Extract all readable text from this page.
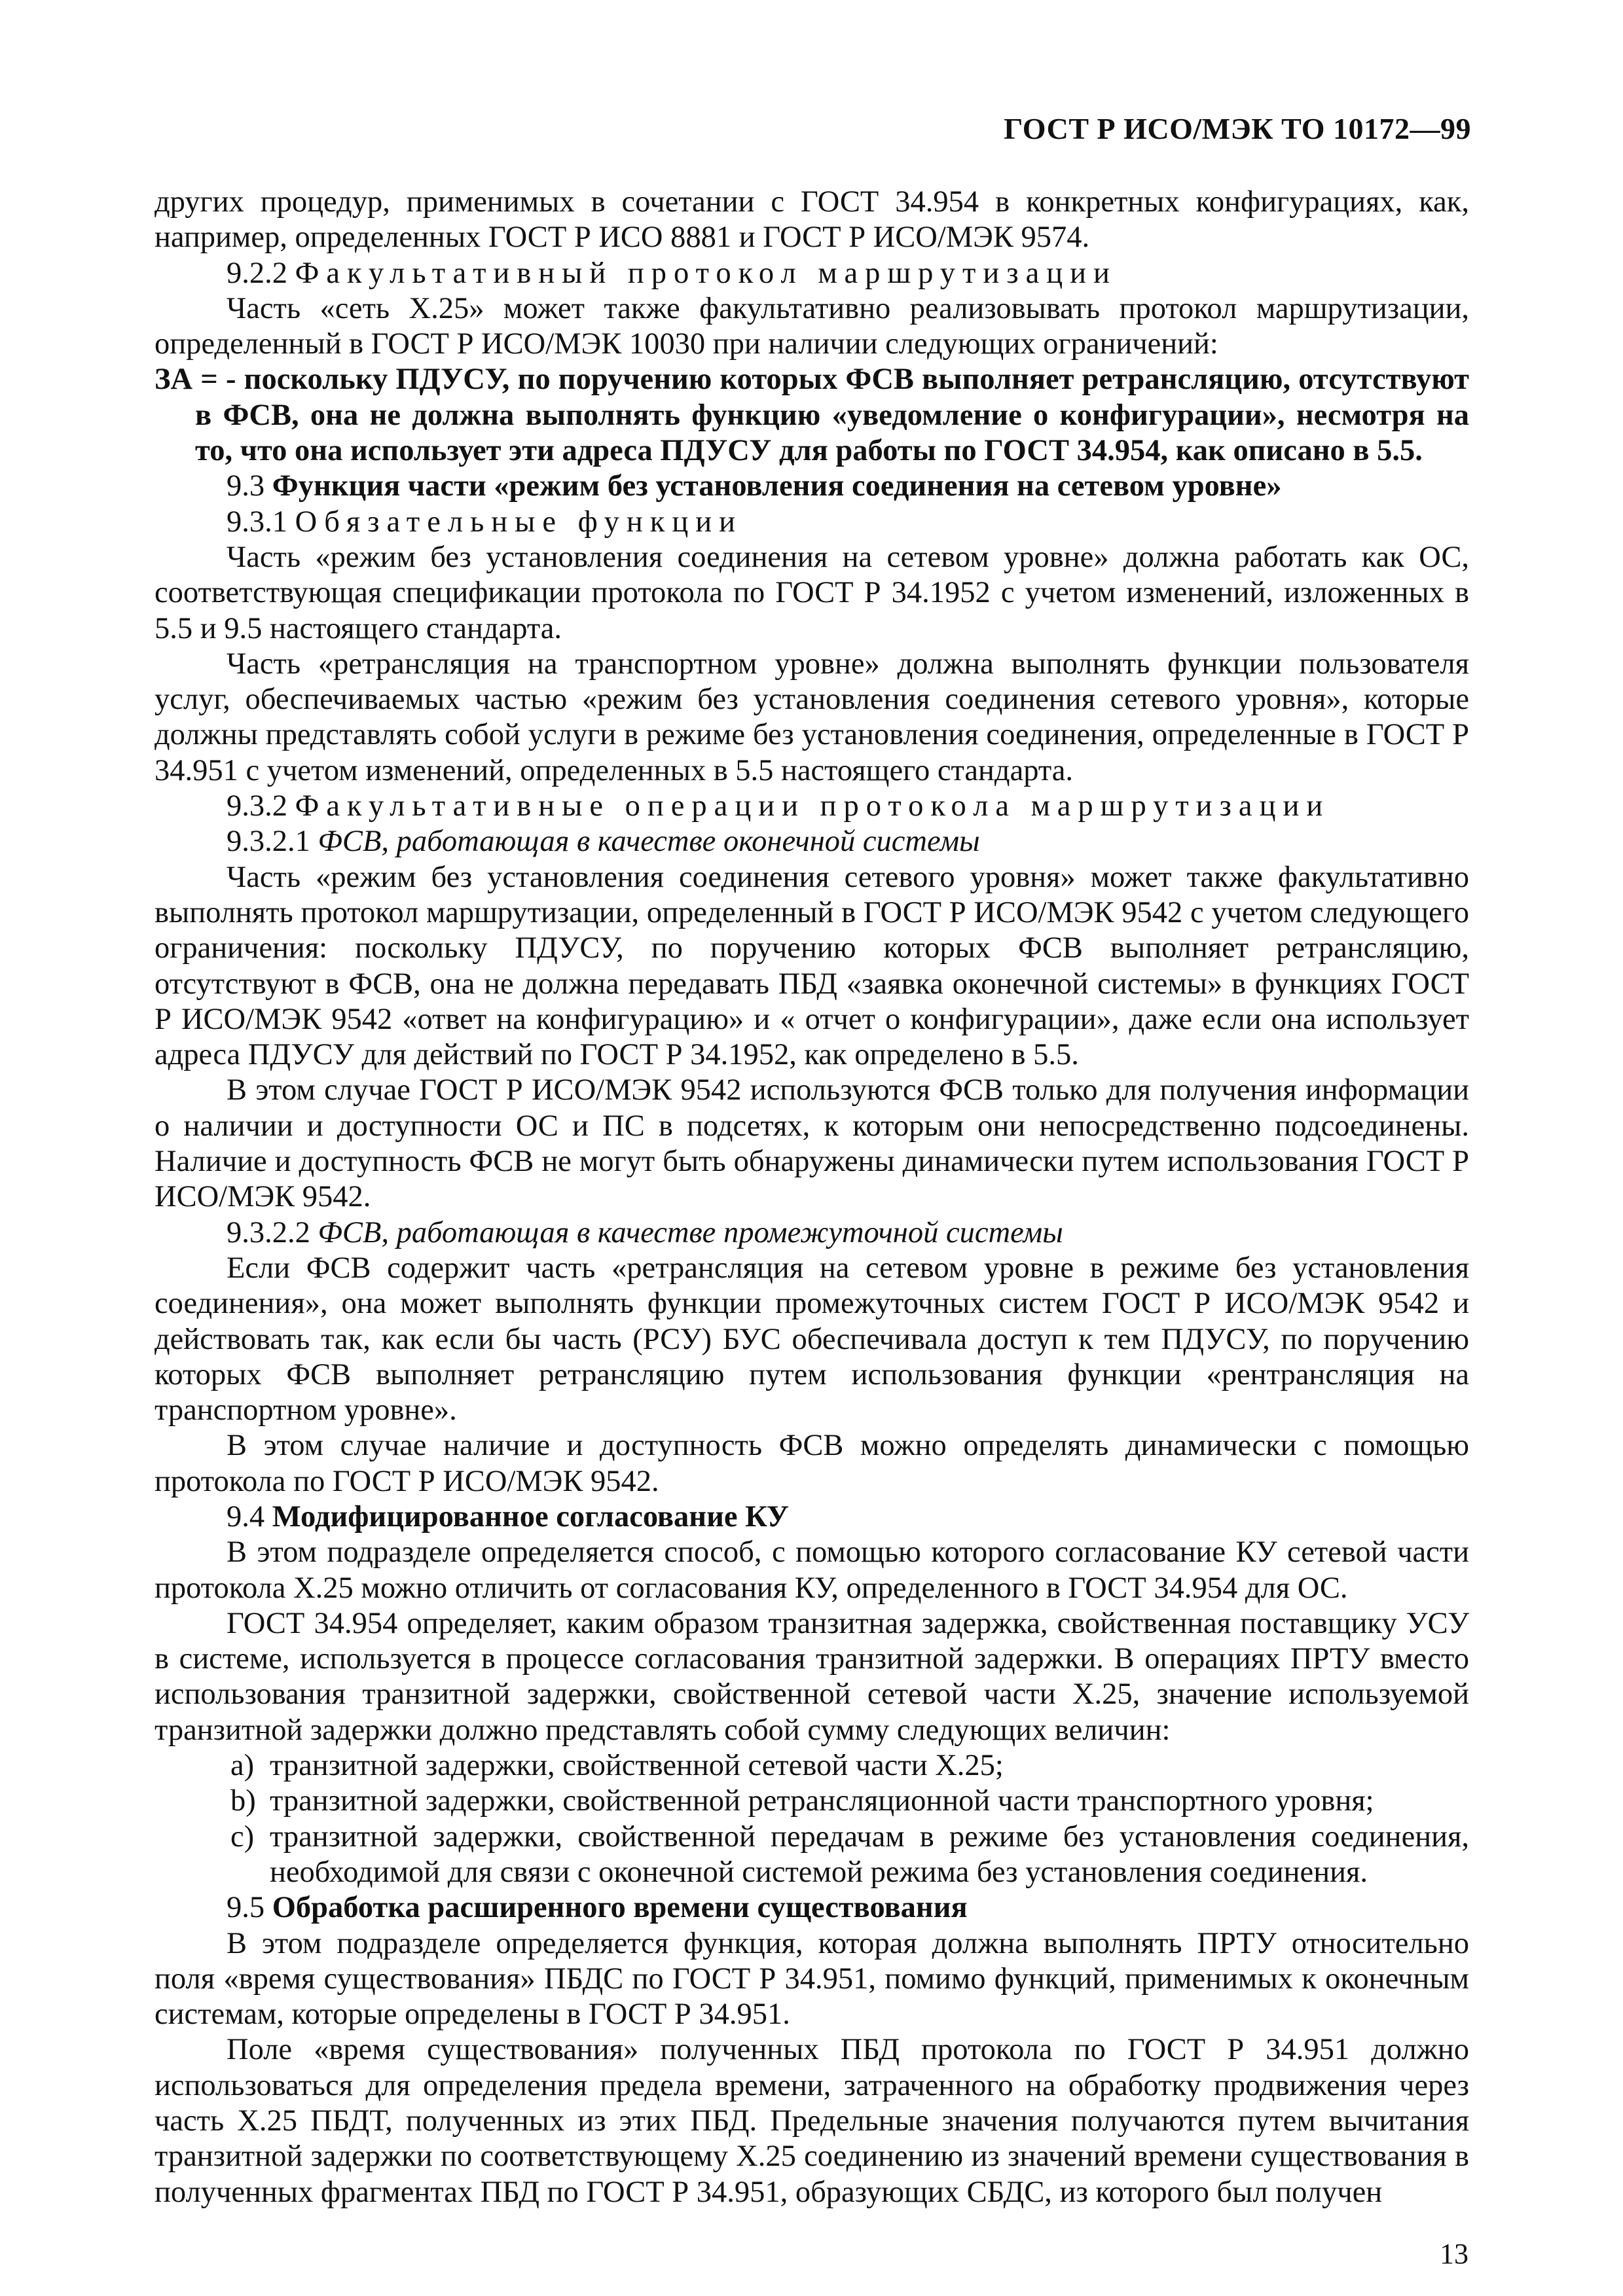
ГОСТ Р ИСО/МЭК ТО 10172—99

других процедур, применимых в сочетании с ГОСТ 34.954 в конкретных конфигурациях, как, например, определенных ГОСТ Р ИСО 8881 и ГОСТ Р ИСО/МЭК 9574.

9.2.2 Факультативный протокол маршрутизации

Часть «сеть X.25» может также факультативно реализовывать протокол маршрутизации, определенный в ГОСТ Р ИСО/МЭК 10030 при наличии следующих ограничений:

ЗА = - поскольку ПДУСУ, по поручению которых ФСВ выполняет ретрансляцию, отсутствуют в ФСВ, она не должна выполнять функцию «уведомление о конфигурации», несмотря на то, что она использует эти адреса ПДУСУ для работы по ГОСТ 34.954, как описано в 5.5.

9.3 Функция части «режим без установления соединения на сетевом уровне»

9.3.1 Обязательные функции

Часть «режим без установления соединения на сетевом уровне» должна работать как ОС, соответствующая спецификации протокола по ГОСТ Р 34.1952 с учетом изменений, изложенных в 5.5 и 9.5 настоящего стандарта.

Часть «ретрансляция на транспортном уровне» должна выполнять функции пользователя услуг, обеспечиваемых частью «режим без установления соединения сетевого уровня», которые должны представлять собой услуги в режиме без установления соединения, определенные в ГОСТ Р 34.951 с учетом изменений, определенных в 5.5 настоящего стандарта.

9.3.2 Факультативные операции протокола маршрутизации

9.3.2.1 ФСВ, работающая в качестве оконечной системы

Часть «режим без установления соединения сетевого уровня» может также факультативно выполнять протокол маршрутизации, определенный в ГОСТ Р ИСО/МЭК 9542 с учетом следующего ограничения: поскольку ПДУСУ, по поручению которых ФСВ выполняет ретрансляцию, отсутствуют в ФСВ, она не должна передавать ПБД «заявка оконечной системы» в функциях ГОСТ Р ИСО/МЭК 9542 «ответ на конфигурацию» и « отчет о конфигурации», даже если она использует адреса ПДУСУ для действий по ГОСТ Р 34.1952, как определено в 5.5.

В этом случае ГОСТ Р ИСО/МЭК 9542 используются ФСВ только для получения информации о наличии и доступности ОС и ПС в подсетях, к которым они непосредственно подсоединены. Наличие и доступность ФСВ не могут быть обнаружены динамически путем использования ГОСТ Р ИСО/МЭК 9542.

9.3.2.2 ФСВ, работающая в качестве промежуточной системы

Если ФСВ содержит часть «ретрансляция на сетевом уровне в режиме без установления соединения», она может выполнять функции промежуточных систем ГОСТ Р ИСО/МЭК 9542 и действовать так, как если бы часть (РСУ) БУС обеспечивала доступ к тем ПДУСУ, по поручению которых ФСВ выполняет ретрансляцию путем использования функции «рентрансляция на транспортном уровне».

В этом случае наличие и доступность ФСВ можно определять динамически с помощью протокола по ГОСТ Р ИСО/МЭК 9542.

9.4 Модифицированное согласование КУ

В этом подразделе определяется способ, с помощью которого согласование КУ сетевой части протокола X.25 можно отличить от согласования КУ, определенного в ГОСТ 34.954 для ОС.

ГОСТ 34.954 определяет, каким образом транзитная задержка, свойственная поставщику УСУ в системе, используется в процессе согласования транзитной задержки. В операциях ПРТУ вместо использования транзитной задержки, свойственной сетевой части X.25, значение используемой транзитной задержки должно представлять собой сумму следующих величин:

a) транзитной задержки, свойственной сетевой части X.25;

b) транзитной задержки, свойственной ретрансляционной части транспортного уровня;

c) транзитной задержки, свойственной передачам в режиме без установления соединения, необходимой для связи с оконечной системой режима без установления соединения.

9.5 Обработка расширенного времени существования

В этом подразделе определяется функция, которая должна выполнять ПРТУ относительно поля «время существования» ПБДС по ГОСТ Р 34.951, помимо функций, применимых к оконечным системам, которые определены в ГОСТ Р 34.951.

Поле «время существования» полученных ПБД протокола по ГОСТ Р 34.951 должно использоваться для определения предела времени, затраченного на обработку продвижения через часть X.25 ПБДТ, полученных из этих ПБД. Предельные значения получаются путем вычитания транзитной задержки по соответствующему X.25 соединению из значений времени существования в полученных фрагментах ПБД по ГОСТ Р 34.951, образующих СБДС, из которого был получен

13
